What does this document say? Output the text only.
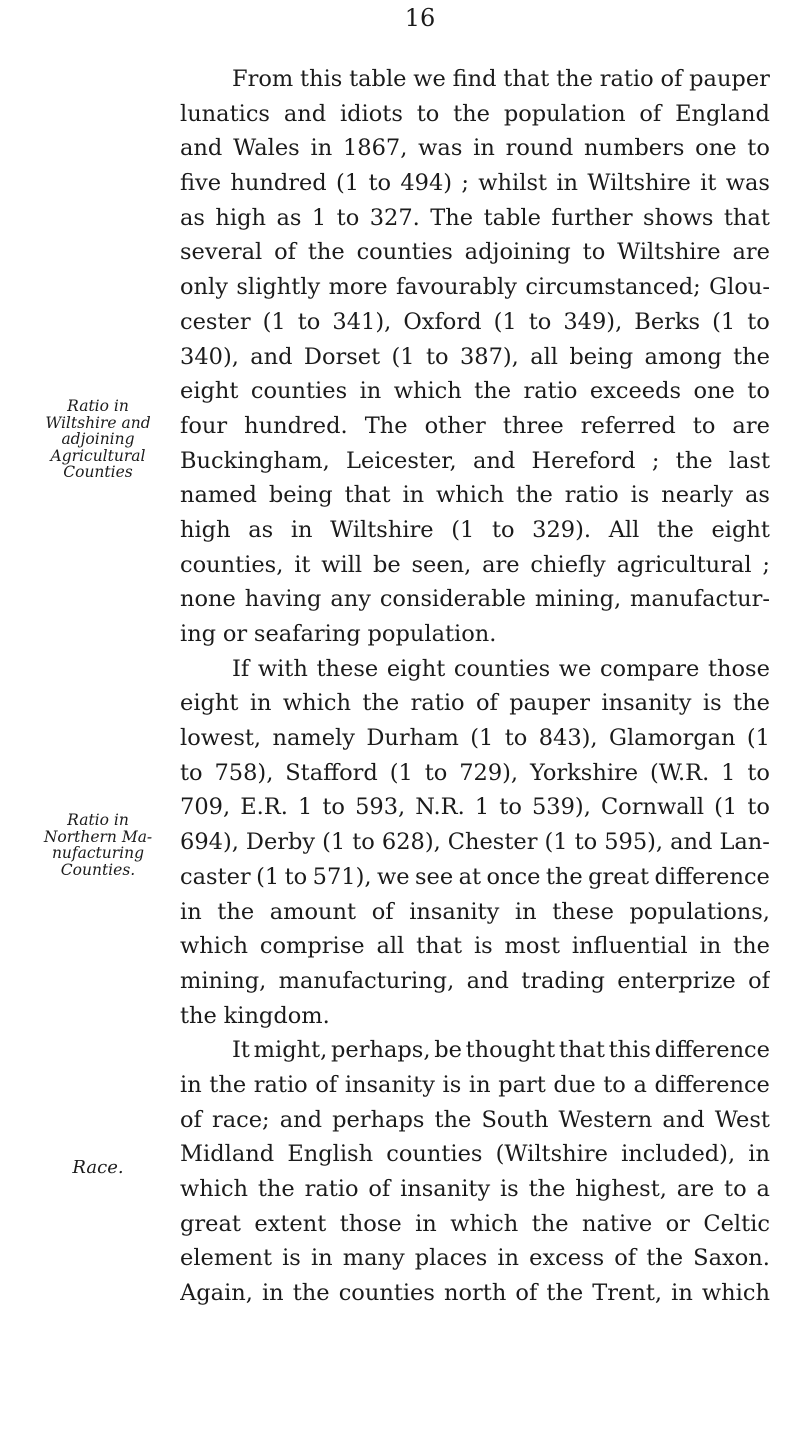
16
Ratio in
Wiltshire and
adjoining
Agricultural
Counties
Ratio in
Northern Ma-
nufacturing
Counties.
Race.
From this table we find that the ratio of pauper
lunatics and idiots to the population of England
and Wales in 1867, was in round numbers one to
five hundred (1 to 494) ; whilst in Wiltshire it was
as high as 1 to 327. The table further shows that
several of the counties adjoining to Wiltshire are
only slightly more favourably circumstanced; Glou-
cester (1 to 341), Oxford (1 to 349), Berks (1 to
340), and Dorset (1 to 387), all being among the
eight counties in which the ratio exceeds one to
four hundred. The other three referred to are
Buckingham, Leicester, and Hereford ; the last
named being that in which the ratio is nearly as
high as in Wiltshire (1 to 329). All the eight
counties, it will be seen, are chiefly agricultural ;
none having any considerable mining, manufactur-
ing or seafaring population.
If with these eight counties we compare those
eight in which the ratio of pauper insanity is the
lowest, namely Durham (1 to 843), Glamorgan (1
to 758), Stafford (1 to 729), Yorkshire (W.R. 1 to
709, E.R. 1 to 593, N.R. 1 to 539), Cornwall (1 to
694), Derby (1 to 628), Chester (1 to 595), and Lan-
caster (1 to 571), we see at once the great difference
in the amount of insanity in these populations,
which comprise all that is most influential in the
mining, manufacturing, and trading enterprize of
the kingdom.
It might, perhaps, be thought that this difference
in the ratio of insanity is in part due to a difference
of race; and perhaps the South Western and West
Midland English counties (Wiltshire included), in
which the ratio of insanity is the highest, are to a
great extent those in which the native or Celtic
element is in many places in excess of the Saxon.
Again, in the counties north of the Trent, in which
